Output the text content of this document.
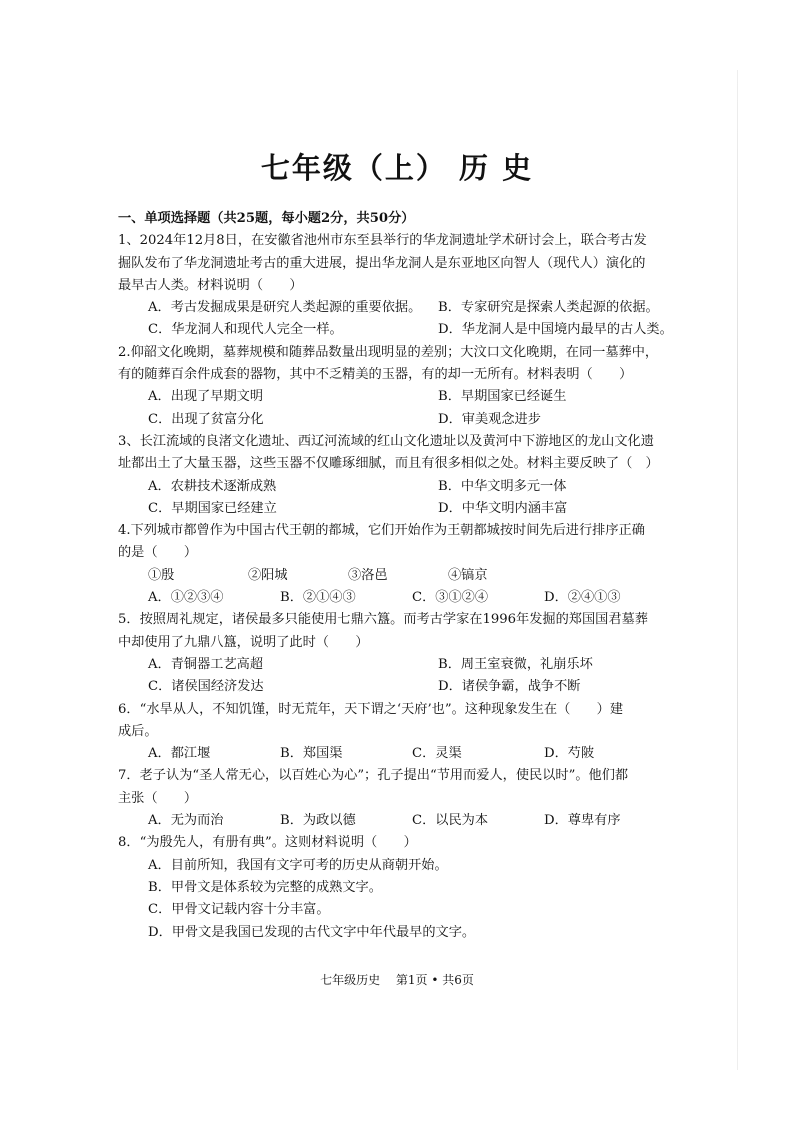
七年级（上） 历 史
一、单项选择题（共25题，每小题2分，共50分）
1、2024年12月8日，在安徽省池州市东至县举行的华龙洞遗址学术研讨会上，联合考古发
掘队发布了华龙洞遗址考古的重大进展，提出华龙洞人是东亚地区向智人（现代人）演化的
最早古人类。材料说明（　　）
A．考古发掘成果是研究人类起源的重要依据。	B．专家研究是探索人类起源的依据。
C．华龙洞人和现代人完全一样。	D．华龙洞人是中国境内最早的古人类。
2.仰韶文化晚期，墓葬规模和随葬品数量出现明显的差别；大汶口文化晚期，在同一墓葬中，
有的随葬百余件成套的器物，其中不乏精美的玉器，有的却一无所有。材料表明（　　）
A．出现了早期文明	B．早期国家已经诞生
C．出现了贫富分化	D．审美观念进步
3、长江流域的良渚文化遗址、西辽河流域的红山文化遗址以及黄河中下游地区的龙山文化遗
址都出土了大量玉器，这些玉器不仅雕琢细腻，而且有很多相似之处。材料主要反映了（　）
A．农耕技术逐渐成熟	B．中华文明多元一体
C．早期国家已经建立	D．中华文明内涵丰富
4.下列城市都曾作为中国古代王朝的都城，它们开始作为王朝都城按时间先后进行排序正确
的是（　　）
①殷	②阳城	③洛邑	④镐京
A．①②③④	B．②①④③	C．③①②④	D．②④①③
5．按照周礼规定，诸侯最多只能使用七鼎六簋。而考古学家在1996年发掘的郑国国君墓葬
中却使用了九鼎八簋，说明了此时（　　）
A．青铜器工艺高超	B．周王室衰微，礼崩乐坏
C．诸侯国经济发达	D．诸侯争霸，战争不断
6．“水旱从人，不知饥馑，时无荒年，天下谓之‘天府’也”。这种现象发生在（　　）建
成后。
A．都江堰	B．郑国渠	C．灵渠	D．芍陂
7．老子认为“圣人常无心，以百姓心为心”；孔子提出“节用而爱人，使民以时”。他们都
主张（　　）
A．无为而治	B．为政以德	C．以民为本	D．尊卑有序
8．“为殷先人，有册有典”。这则材料说明（　　）
A．目前所知，我国有文字可考的历史从商朝开始。
B．甲骨文是体系较为完整的成熟文字。
C．甲骨文记载内容十分丰富。
D．甲骨文是我国已发现的古代文字中年代最早的文字。
七年级历史 第1页 • 共6页
